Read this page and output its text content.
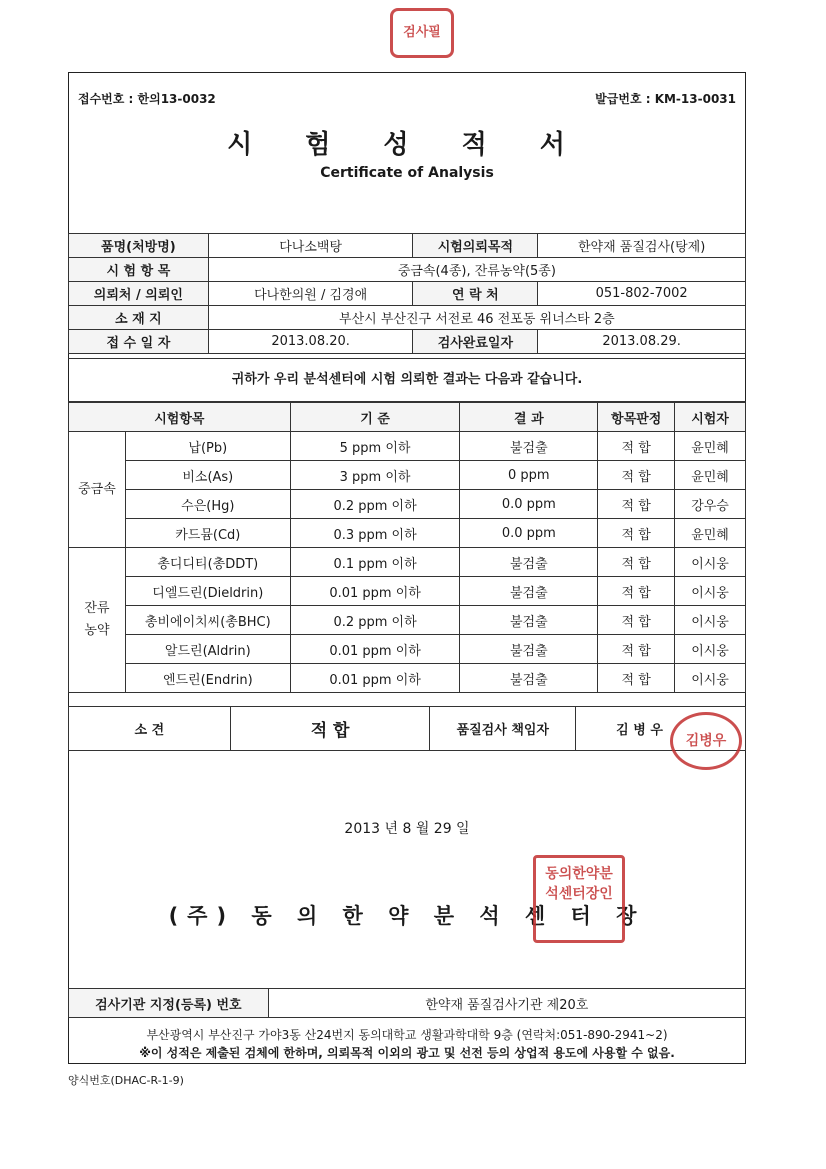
검사필
접수번호 : 한의13-0032	발급번호 : KM-13-0031
시 험 성 적 서
Certificate of Analysis
품명(처방명)	다나소백탕	시험의뢰목적	한약재 품질검사(탕제)
시 험 항 목	중금속(4종), 잔류농약(5종)		
의뢰처 / 의뢰인	다나한의원 / 김경애	연 락 처	051-802-7002
소 재 지	부산시 부산진구 서전로 46 전포동 위너스타 2층		
접 수 일 자	2013.08.20.	검사완료일자	2013.08.29.
귀하가 우리 분석센터에 시험 의뢰한 결과는 다음과 같습니다.
시험항목		기 준	결 과	항목판정	시험자
중금속	납(Pb)	5 ppm 이하	불검출	적 합	윤민혜
	비소(As)	3 ppm 이하	0 ppm	적 합	윤민혜
	수은(Hg)	0.2 ppm 이하	0.0 ppm	적 합	강우승
	카드뮴(Cd)	0.3 ppm 이하	0.0 ppm	적 합	윤민혜
잔류
농약	총디디티(총DDT)	0.1 ppm 이하	불검출	적 합	이시웅
	디엘드린(Dieldrin)	0.01 ppm 이하	불검출	적 합	이시웅
	총비에이치씨(총BHC)	0.2 ppm 이하	불검출	적 합	이시웅
	알드린(Aldrin)	0.01 ppm 이하	불검출	적 합	이시웅
	엔드린(Endrin)	0.01 ppm 이하	불검출	적 합	이시웅
소 견	적 합	품질검사 책임자	김 병 우
김병우
2013 년 8 월 29 일
(주) 동 의 한 약 분 석 센 터 장
동의한약분석센터장인
검사기관 지정(등록) 번호	한약재 품질검사기관 제20호
부산광역시 부산진구 가야3동 산24번지 동의대학교 생활과학대학 9층 (연락처:051-890-2941~2)
※이 성적은 제출된 검체에 한하며, 의뢰목적 이외의 광고 및 선전 등의 상업적 용도에 사용할 수 없음.
양식번호(DHAC-R-1-9)
